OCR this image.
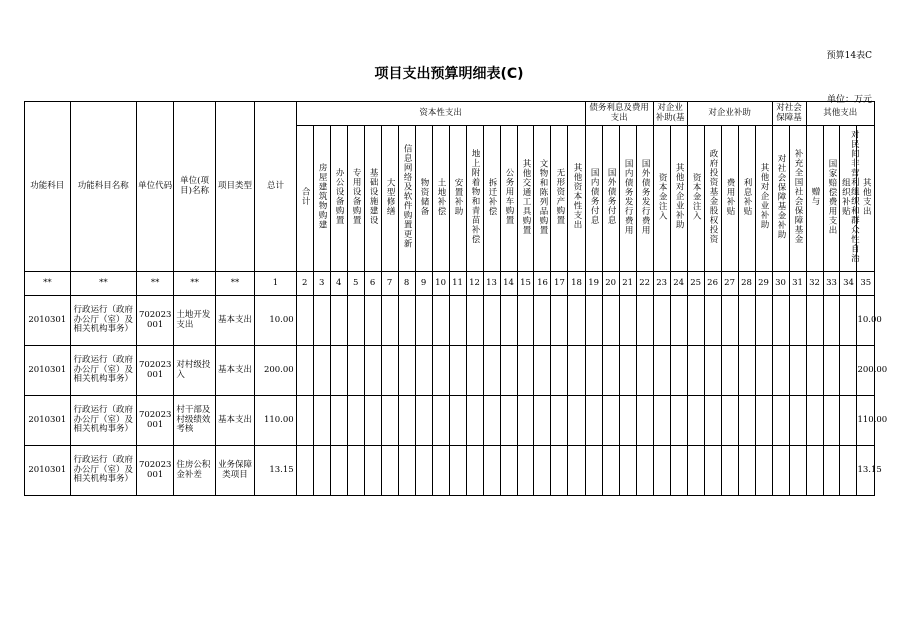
预算14表C
项目支出预算明细表(C)
单位：万元
功能科目	功能科目名称	单位代码	单位(项目)名称	项目类型	总计	资本性支出																	债务利息及费用支出				对企业补助(基		对企业补助					对社会保障基		其他支出			
						合计	房屋建筑物购建	办公设备购置	专用设备购置	基础设施建设	大型修缮	信息网络及软件购置更新	物资储备	土地补偿	安置补助	地上附着物和青苗补偿	拆迁补偿	公务用车购置	其他交通工具购置	文物和陈列品购置	无形资产购置	其他资本性支出	国内债务付息	国外债务付息	国内债务发行费用	国外债务发行费用	资本金注入	其他对企业补助	资本金注入	政府投资基金股权投资	费用补贴	利息补贴	其他对企业补助	对社会保障基金补助	补充全国社会保障基金	赠与	国家赔偿费用支出	对民间非营利组织和群众性自治组织补贴	其他支出
**	**	**	**	**	1	2	3	4	5	6	7	8	9	10	11	12	13	14	15	16	17	18	19	20	21	22	23	24	25	26	27	28	29	30	31	32	33	34	35
2010301	行政运行（政府办公厅（室）及相关机构事务）	702023001	土地开发支出	基本支出	10.00																																		10.00
2010301	行政运行（政府办公厅（室）及相关机构事务）	702023001	对村级投入	基本支出	200.00																																		200.00
2010301	行政运行（政府办公厅（室）及相关机构事务）	702023001	村干部及村级绩效考核	基本支出	110.00																																		110.00
2010301	行政运行（政府办公厅（室）及相关机构事务）	702023001	住房公积金补差	业务保障类项目	13.15																																		13.15
